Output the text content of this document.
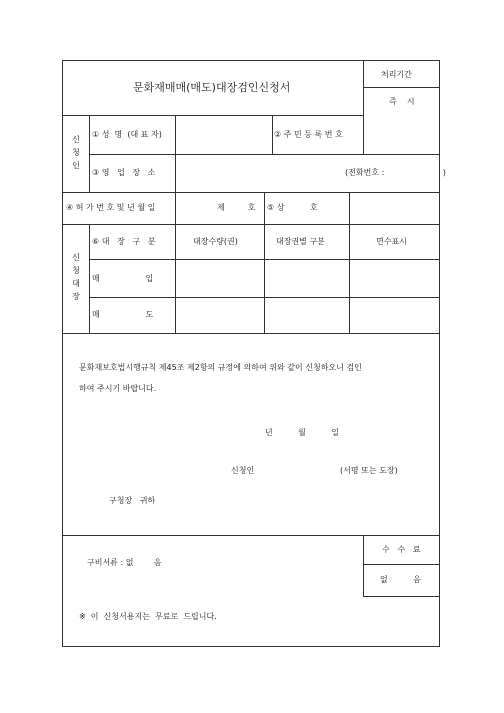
문화재매매(매도)대장검인신청서
처리기간
즉    시
신
청
인
① 성  명  (대 표 자)	② 주 민 등 록 번 호
③ 영   업   장   소	(전화번호 :                       )
④ 허 가 번 호 및 년 월 일	제         호 ⑤ 상          호
신
청
대
장
⑥ 대   장   구   분	대장수량(권)	대장권별 구분	면수표시
매                  입
매                  도
문화재보호법시행규칙 제45조 제2항의 규정에 의하여 위와 같이 신청하오니 검인
하여 주시기 바랍니다.
년          월          일
신청인	(서명 또는 도장)
구청장   귀하
구비서류 : 없        음
수   수   료
없          음
※  이  신청서용지는  무료로  드립니다.
